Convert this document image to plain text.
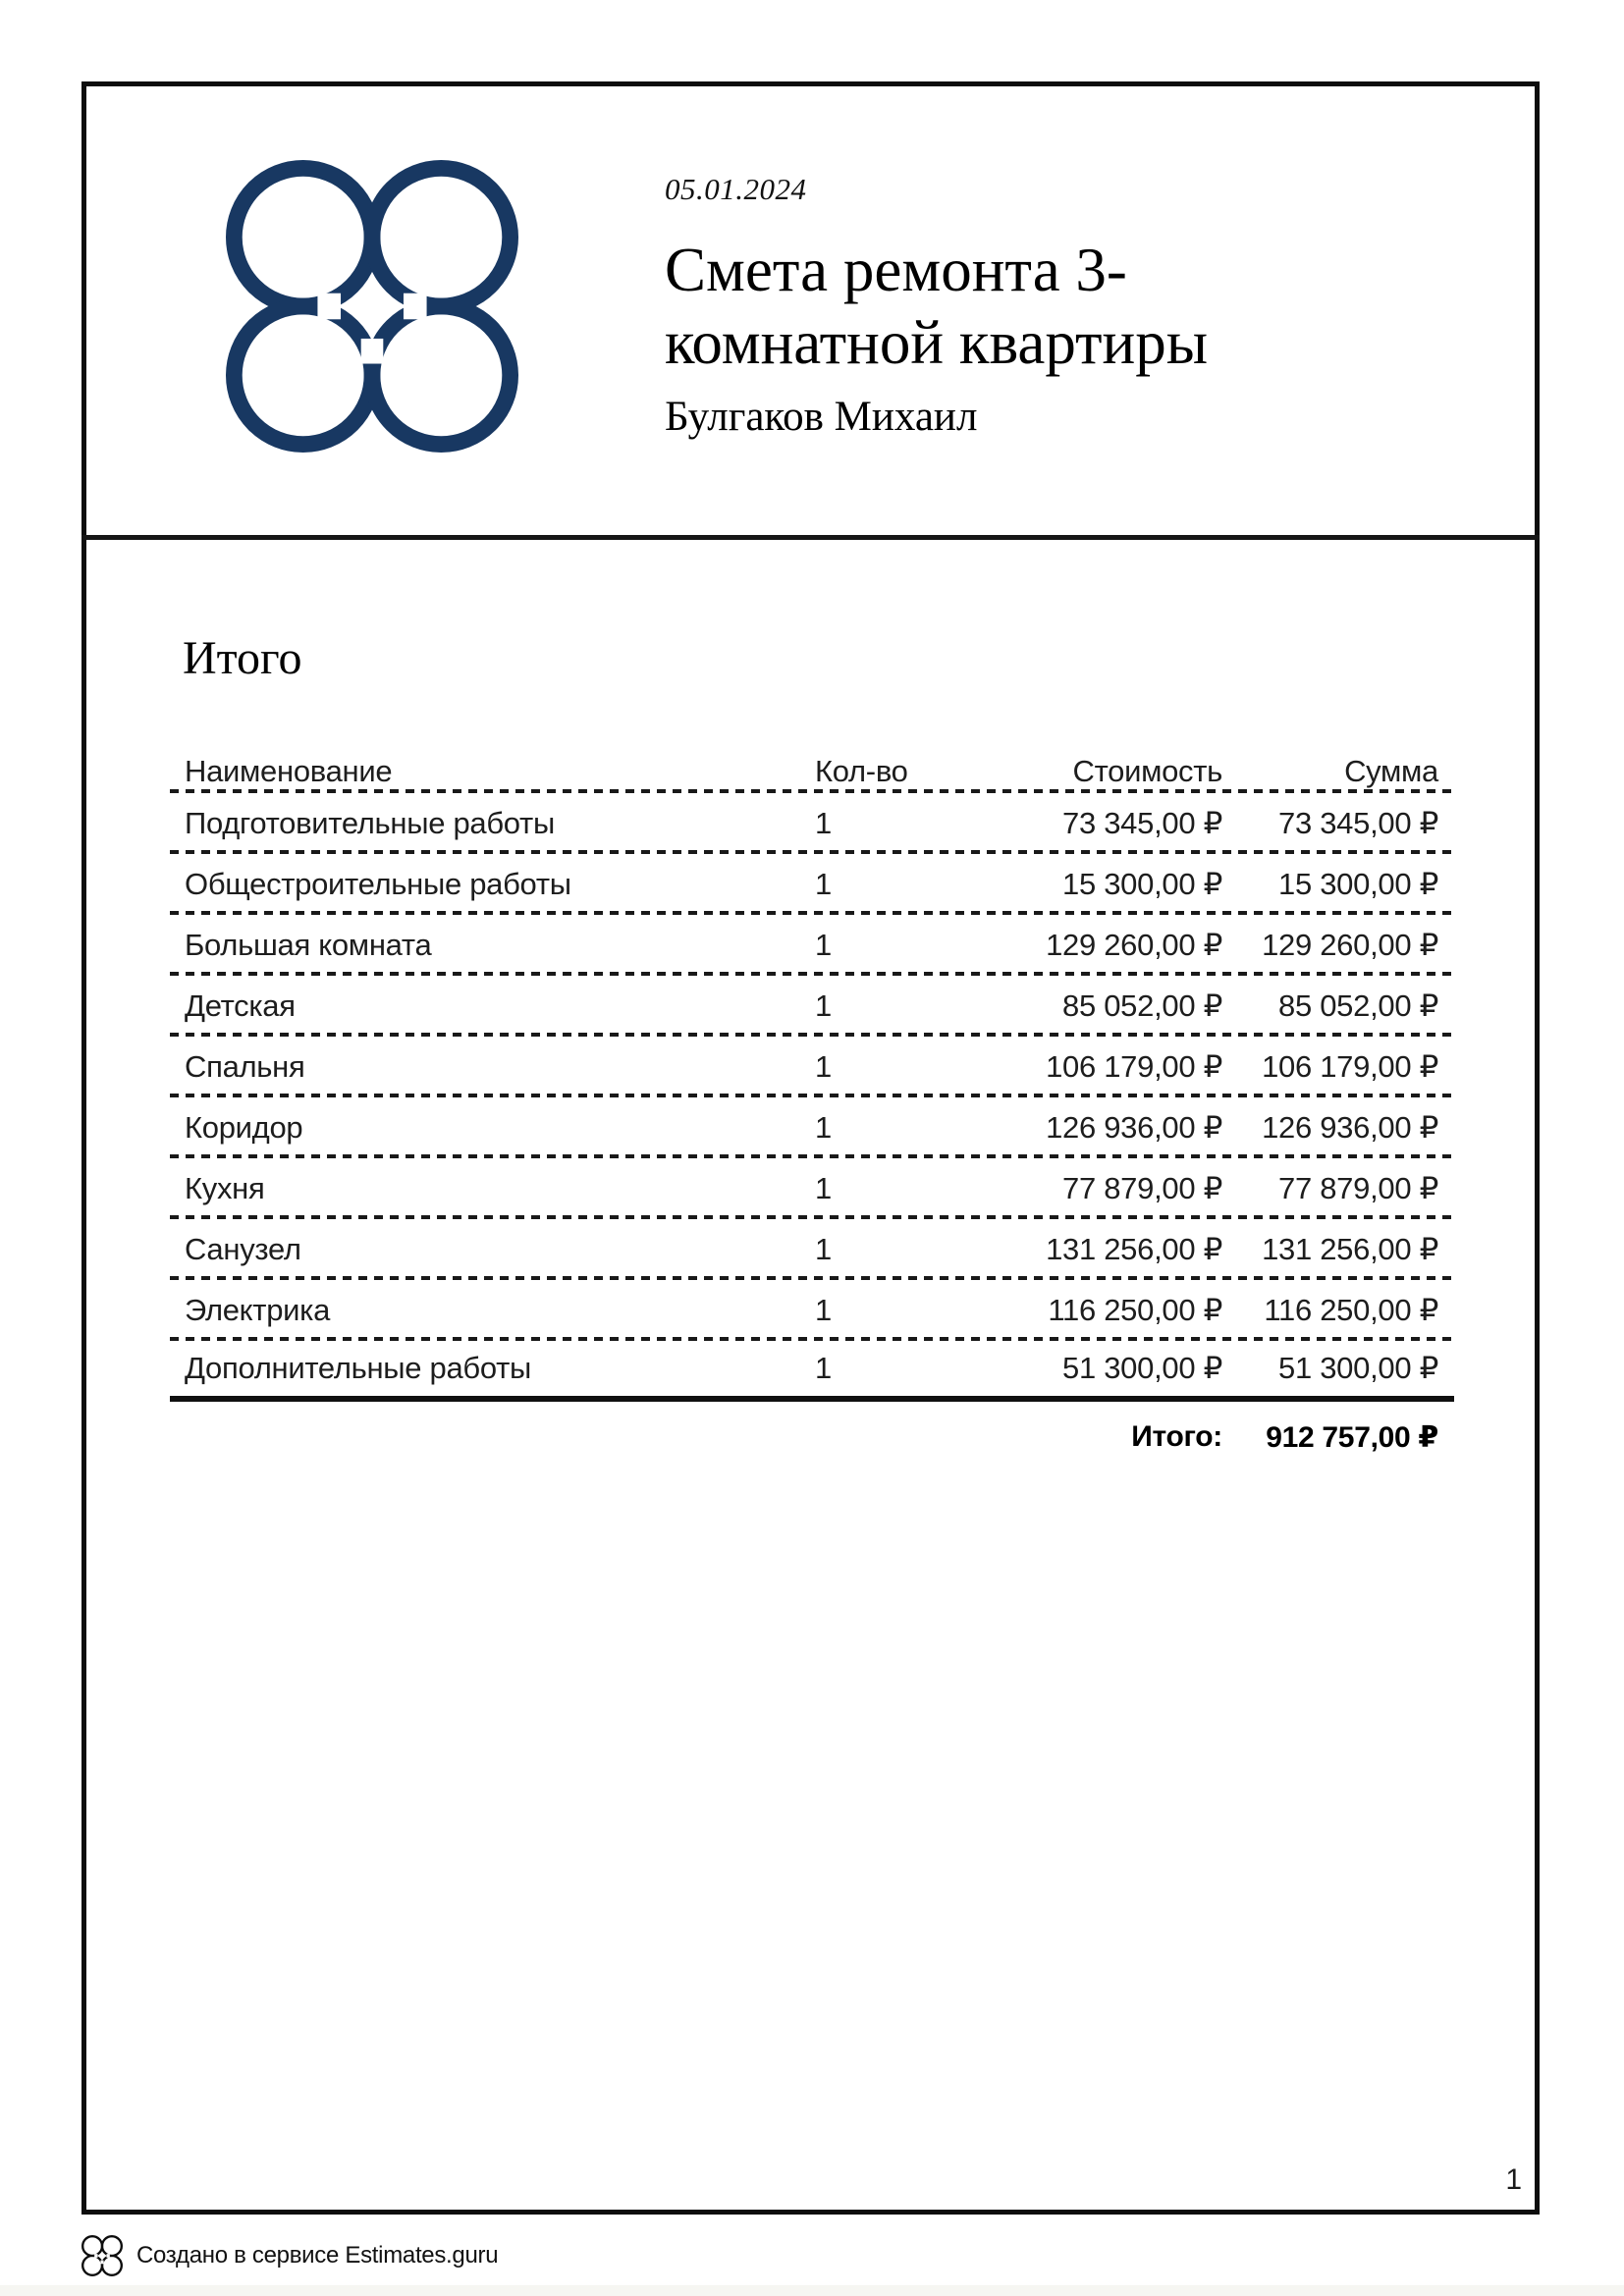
05.01.2024
Смета ремонта 3-комнатной квартиры
Булгаков Михаил
Итого
Наименование	Кол-во	Стоимость	Сумма
Подготовительные работы	1	73 345,00 ₽	73 345,00 ₽
Общестроительные работы	1	15 300,00 ₽	15 300,00 ₽
Большая комната	1	129 260,00 ₽	129 260,00 ₽
Детская	1	85 052,00 ₽	85 052,00 ₽
Спальня	1	106 179,00 ₽	106 179,00 ₽
Коридор	1	126 936,00 ₽	126 936,00 ₽
Кухня	1	77 879,00 ₽	77 879,00 ₽
Санузел	1	131 256,00 ₽	131 256,00 ₽
Электрика	1	116 250,00 ₽	116 250,00 ₽
Дополнительные работы	1	51 300,00 ₽	51 300,00 ₽
Итого:	912 757,00 ₽
1
Создано в сервисе Estimates.guru
